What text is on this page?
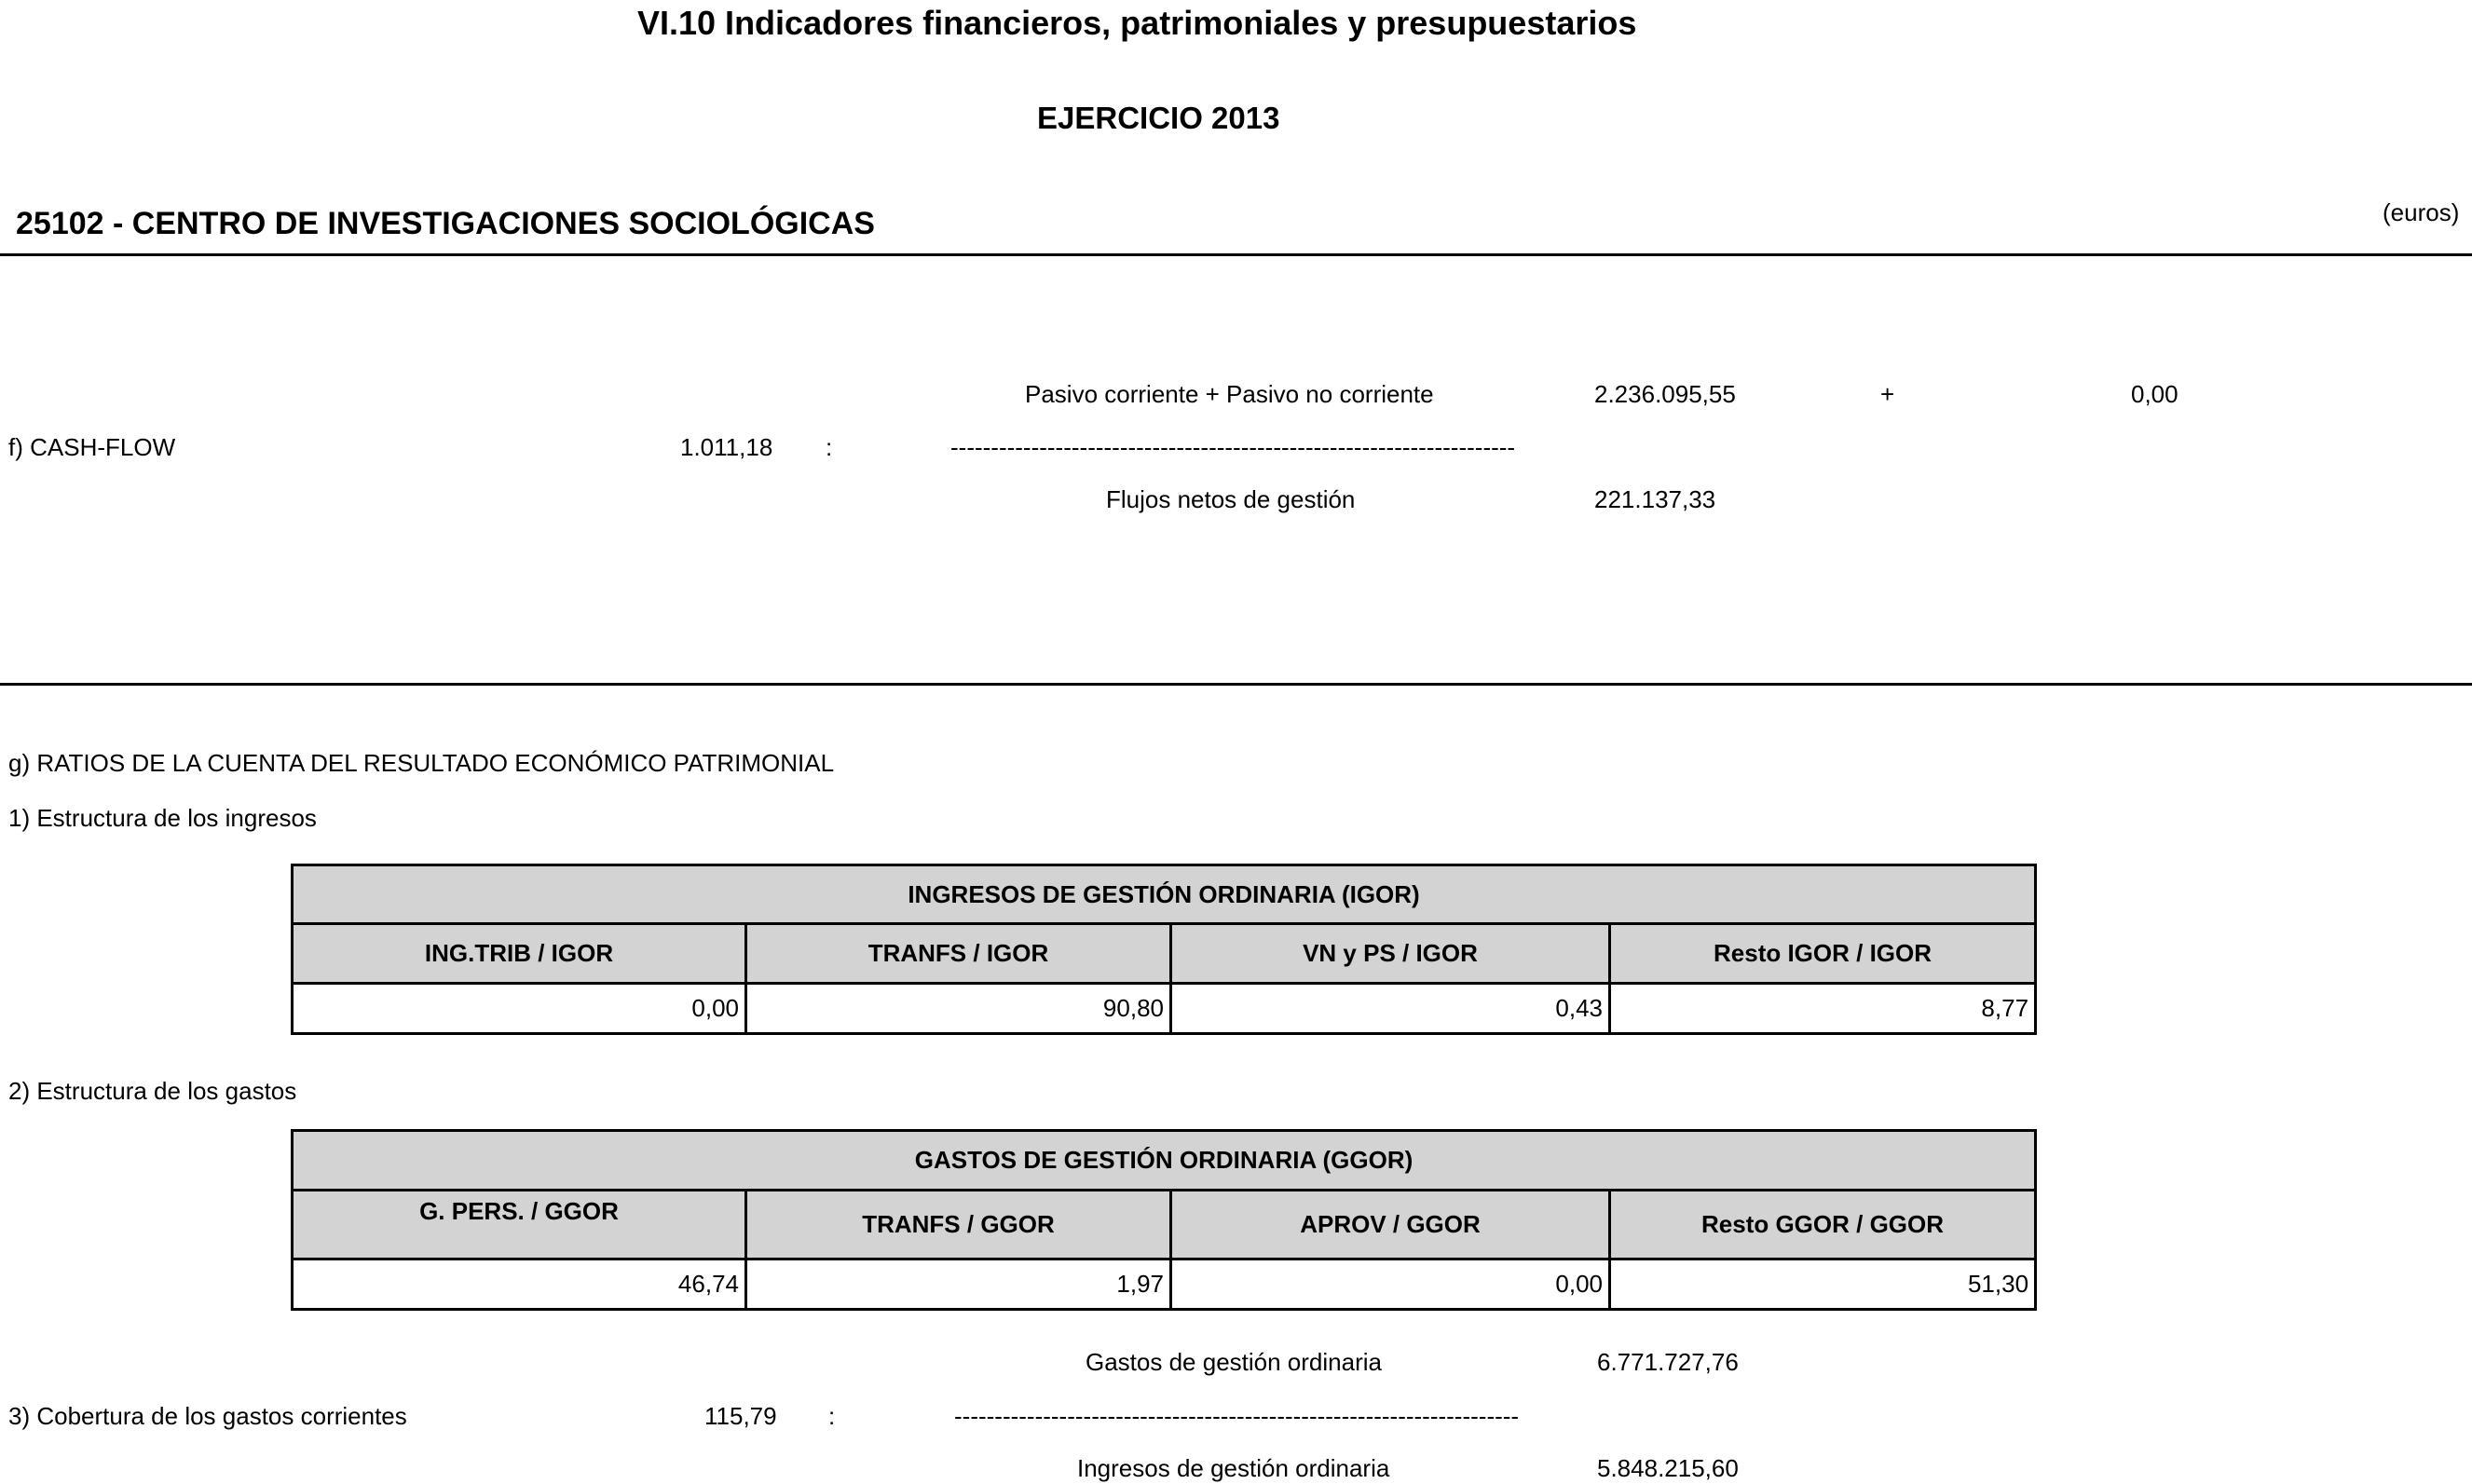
VI.10 Indicadores financieros, patrimoniales y presupuestarios
EJERCICIO 2013
25102 - CENTRO DE INVESTIGACIONES SOCIOLÓGICAS	(euros)
Pasivo corriente + Pasivo no corriente	2.236.095,55	+	0,00
f) CASH-FLOW	1.011,18 :	----------------------------------------------------------------------
Flujos netos de gestión	221.137,33
g) RATIOS DE LA CUENTA DEL RESULTADO ECONÓMICO PATRIMONIAL
1) Estructura de los ingresos
INGRESOS DE GESTIÓN ORDINARIA (IGOR)			
ING.TRIB / IGOR	TRANFS / IGOR	VN y PS / IGOR	Resto IGOR / IGOR
0,00	90,80	0,43	8,77
2) Estructura de los gastos
GASTOS DE GESTIÓN ORDINARIA (GGOR)			
G. PERS. / GGOR	TRANFS / GGOR	APROV / GGOR	Resto GGOR / GGOR
46,74	1,97	0,00	51,30
Gastos de gestión ordinaria	6.771.727,76
3) Cobertura de los gastos corrientes	115,79 :	----------------------------------------------------------------------
Ingresos de gestión ordinaria	5.848.215,60
